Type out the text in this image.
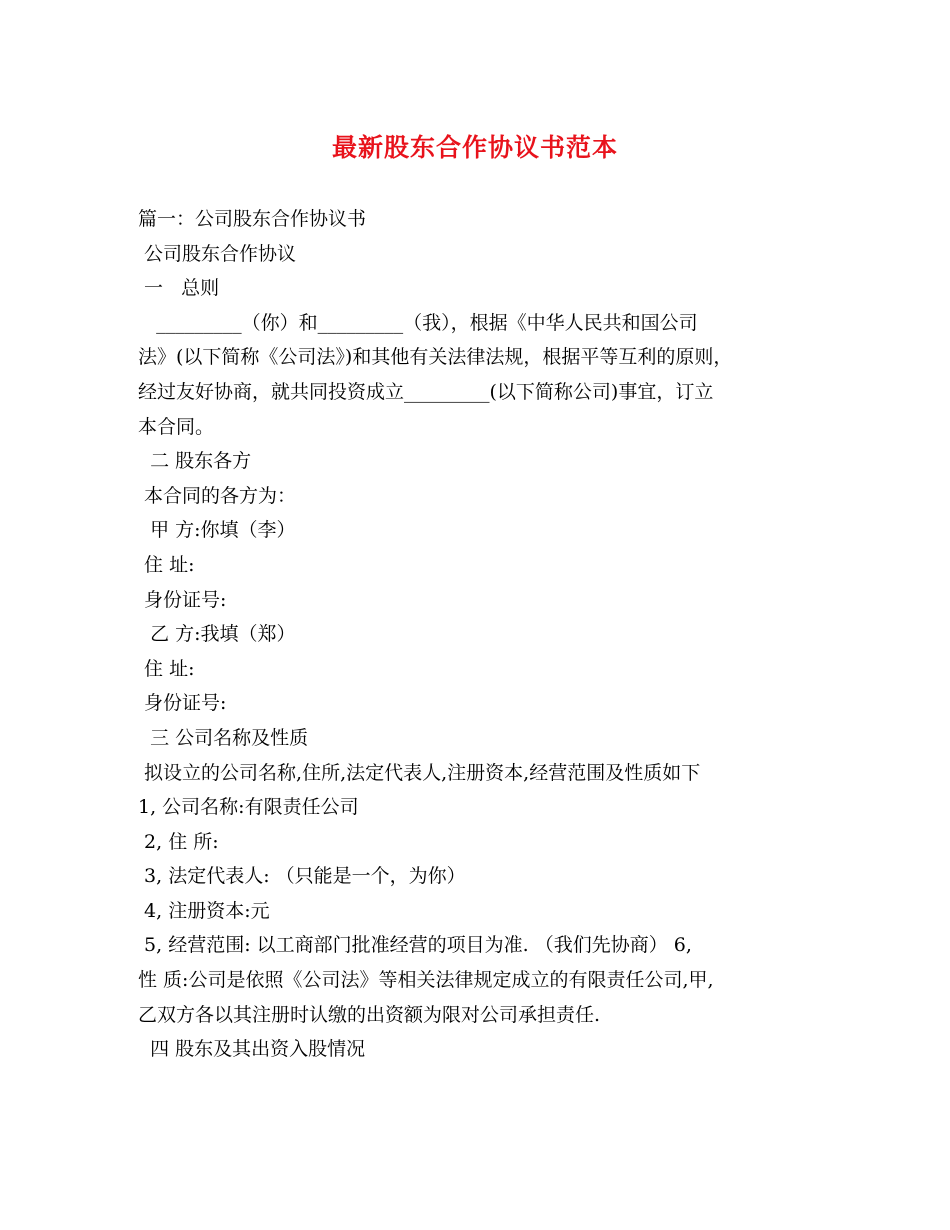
最新股东合作协议书范本
篇一：公司股东合作协议书
公司股东合作协议
一   总则
_________（你）和_________（我），根据《中华人民共和国公司
法》(以下简称《公司法》)和其他有关法律法规，根据平等互利的原则，
经过友好协商，就共同投资成立_________(以下简称公司)事宜，订立
本合同。
二 股东各方
本合同的各方为：
甲 方:你填（李）
住 址:
身份证号:
乙 方:我填（郑）
住 址:
身份证号:
三 公司名称及性质
拟设立的公司名称,住所,法定代表人,注册资本,经营范围及性质如下
1, 公司名称:有限责任公司
2, 住 所:
3, 法定代表人: （只能是一个，为你）
4, 注册资本:元
5, 经营范围: 以工商部门批准经营的项目为准. （我们先协商） 6,
性 质:公司是依照《公司法》等相关法律规定成立的有限责任公司,甲,
乙双方各以其注册时认缴的出资额为限对公司承担责任.
四 股东及其出资入股情况
